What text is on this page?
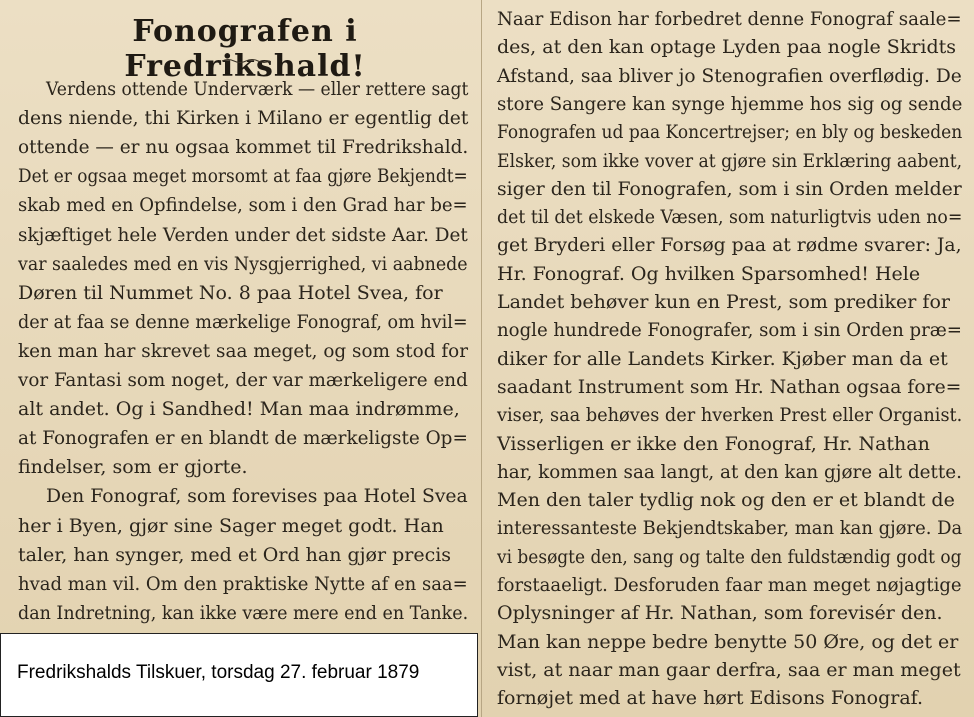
Fonografen i Fredrikshald!
Verdens ottende Underværk — eller rettere sagt
dens niende, thi Kirken i Milano er egentlig det
ottende — er nu ogsaa kommet til Fredrikshald.
Det er ogsaa meget morsomt at faa gjøre Bekjendt=
skab med en Opfindelse, som i den Grad har be=
skjæftiget hele Verden under det sidste Aar. Det
var saaledes med en vis Nysgjerrighed, vi aabnede
Døren til Nummet No. 8 paa Hotel Svea, for
der at faa se denne mærkelige Fonograf, om hvil=
ken man har skrevet saa meget, og som stod for
vor Fantasi som noget, der var mærkeligere end
alt andet. Og i Sandhed! Man maa indrømme,
at Fonografen er en blandt de mærkeligste Op=
findelser, som er gjorte.
Den Fonograf, som forevises paa Hotel Svea
her i Byen, gjør sine Sager meget godt. Han
taler, han synger, med et Ord han gjør precis
hvad man vil. Om den praktiske Nytte af en saa=
dan Indretning, kan ikke være mere end en Tanke.
Naar Edison har forbedret denne Fonograf saale=
des, at den kan optage Lyden paa nogle Skridts
Afstand, saa bliver jo Stenografien overflødig. De
store Sangere kan synge hjemme hos sig og sende
Fonografen ud paa Koncertrejser; en bly og beskeden
Elsker, som ikke vover at gjøre sin Erklæring aabent,
siger den til Fonografen, som i sin Orden melder
det til det elskede Væsen, som naturligtvis uden no=
get Bryderi eller Forsøg paa at rødme svarer: Ja,
Hr. Fonograf. Og hvilken Sparsomhed! Hele
Landet behøver kun en Prest, som prediker for
nogle hundrede Fonografer, som i sin Orden præ=
diker for alle Landets Kirker. Kjøber man da et
saadant Instrument som Hr. Nathan ogsaa fore=
viser, saa behøves der hverken Prest eller Organist.
Visserligen er ikke den Fonograf, Hr. Nathan
har, kommen saa langt, at den kan gjøre alt dette.
Men den taler tydlig nok og den er et blandt de
interessanteste Bekjendtskaber, man kan gjøre. Da
vi besøgte den, sang og talte den fuldstændig godt og
forstaaeligt. Desforuden faar man meget nøjagtige
Oplysninger af Hr. Nathan, som forevisér den.
Man kan neppe bedre benytte 50 Øre, og det er
vist, at naar man gaar derfra, saa er man meget
fornøjet med at have hørt Edisons Fonograf.
Fredrikshalds Tilskuer, torsdag 27. februar 1879
